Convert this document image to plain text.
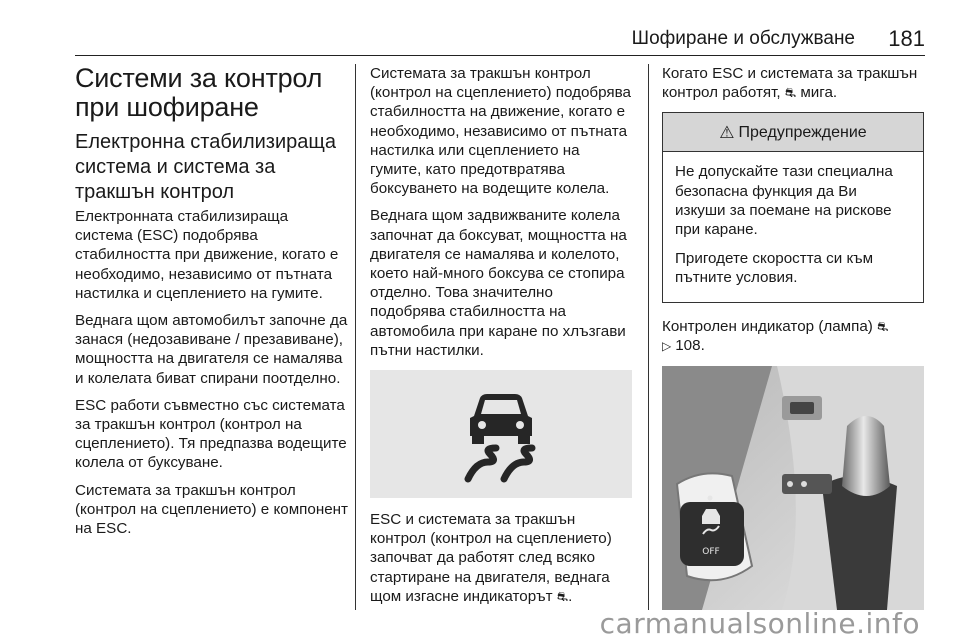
Шофиране и обслужване 181
Системи за контрол при шофиране
Електронна стабилизираща система и система за тракшън контрол

Електронната стабилизираща система (ESC) подобрява стабилността при движение, когато е необходимо, независимо от пътната настилка и сцеплението на гумите.

Веднага щом автомобилът започне да занася (недозавиване / презавиване), мощността на двигателя се намалява и колелата биват спирани поотделно.

ESC работи съвместно със системата за тракшън контрол (контрол на сцеплението). Тя предпазва водещите колела от буксуване.

Системата за тракшън контрол (контрол на сцеплението) е компонент на ESC.

Системата за тракшън контрол (контрол на сцеплението) подобрява стабилността на движение, когато е необходимо, независимо от пътната настилка или сцеплението на гумите, като предотвратява боксуването на водещите колела.

Веднага щом задвижваните колела започнат да боксуват, мощността на двигателя се намалява и колелото, което най-много боксува се стопира отделно. Това значително подобрява стабилността на автомобила при каране по хлъзгави пътни настилки.

ESC и системата за тракшън контрол (контрол на сцеплението) започват да работят след всяко стартиране на двигателя, веднага щом изгасне индикаторът ⛐.

Когато ESC и системата за тракшън контрол работят, ⛐ мига.

⚠ Предупреждение

Не допускайте тази специална безопасна функция да Ви изкуши за поемане на рискове при каране.

Пригодете скоростта си към пътните условия.

Контролен индикатор (лампа) ⛐
▷ 108.

OFF
carmanualsonline.info
